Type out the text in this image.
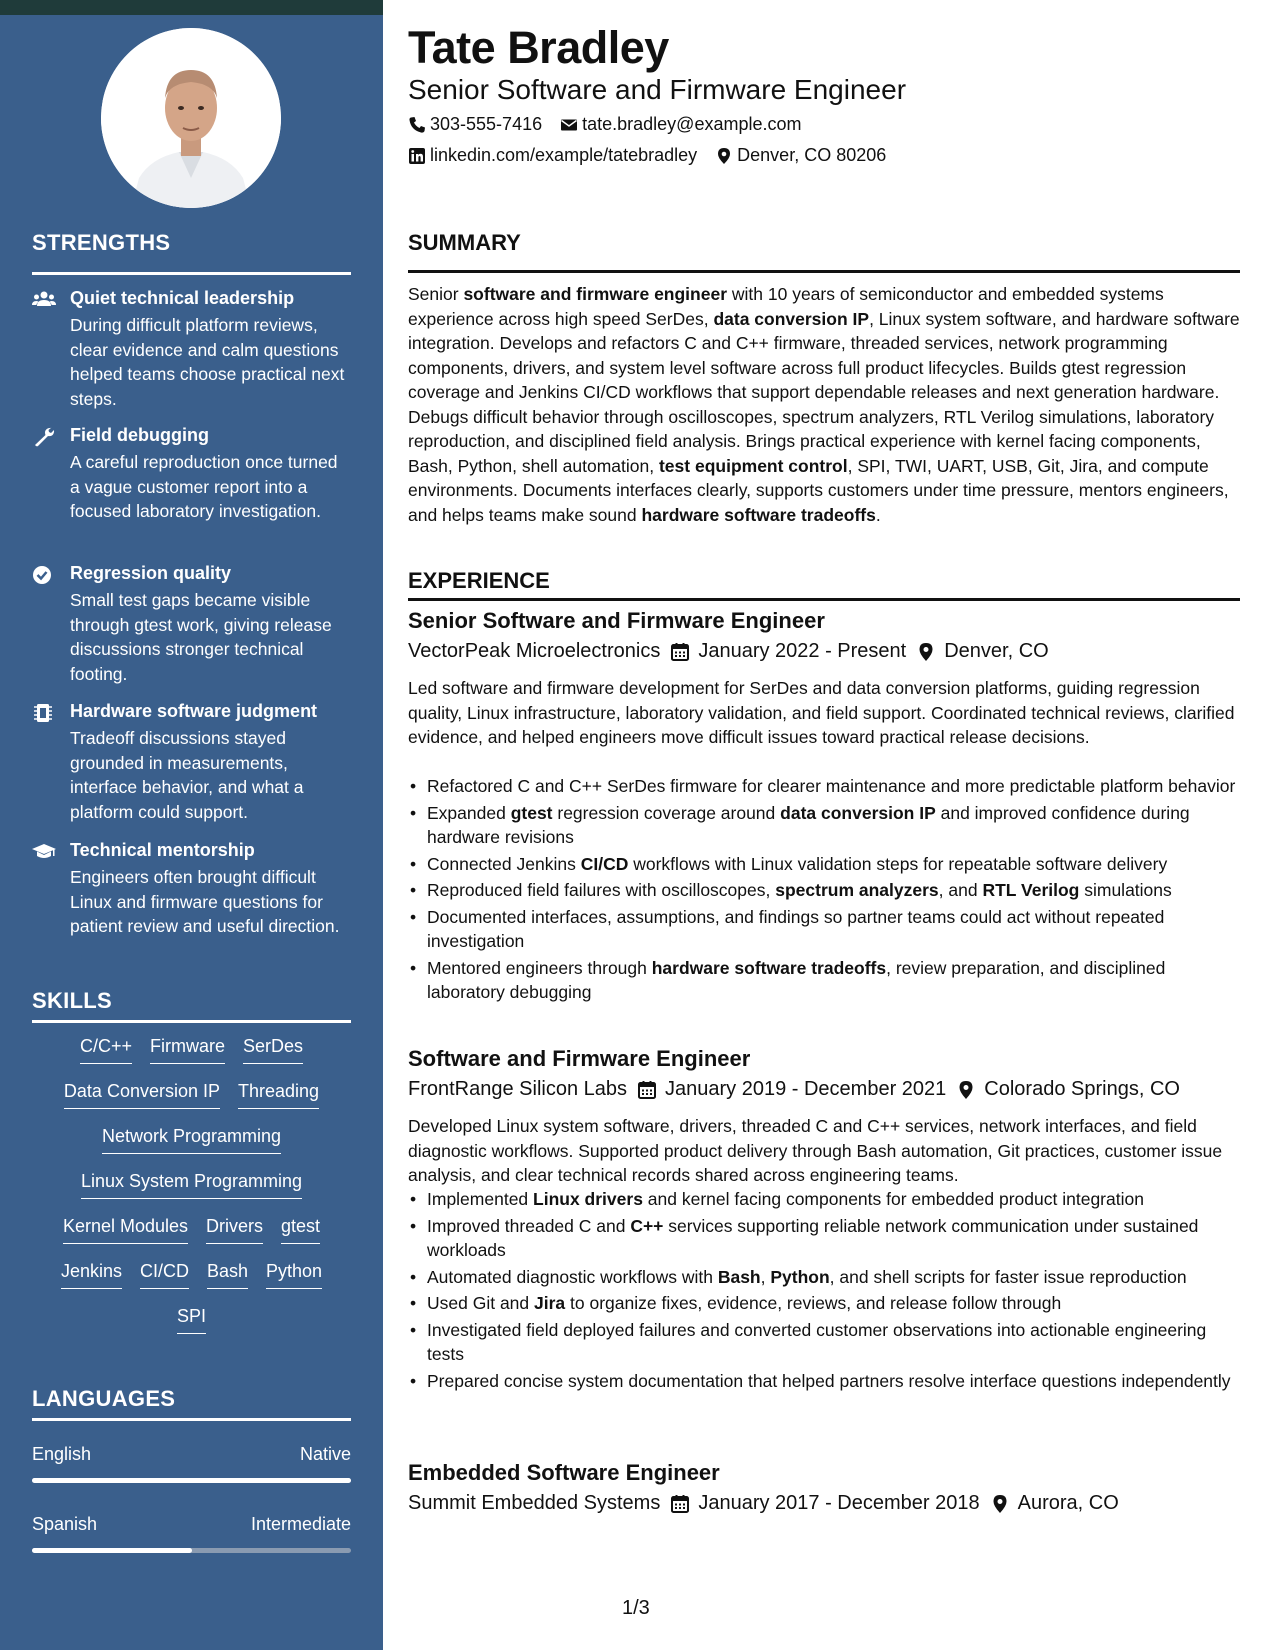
STRENGTHS
Quiet technical leadership
During difficult platform reviews, clear evidence and calm questions helped teams choose practical next steps.
Field debugging
A careful reproduction once turned a vague customer report into a focused laboratory investigation.
Regression quality
Small test gaps became visible through gtest work, giving release discussions stronger technical footing.
Hardware software judgment
Tradeoff discussions stayed grounded in measurements, interface behavior, and what a platform could support.
Technical mentorship
Engineers often brought difficult Linux and firmware questions for patient review and useful direction.
SKILLS
C/C++ Firmware SerDes
Data Conversion IP Threading
Network Programming
Linux System Programming
Kernel Modules Drivers gtest
Jenkins CI/CD Bash Python
SPI
LANGUAGES
English	Native
Spanish	Intermediate
Tate Bradley
Senior Software and Firmware Engineer
303-555-7416 tate.bradley@example.com
linkedin.com/example/tatebradley Denver, CO 80206
SUMMARY
Senior software and firmware engineer with 10 years of semiconductor and embedded systems experience across high speed SerDes, data conversion IP, Linux system software, and hardware software integration. Develops and refactors C and C++ firmware, threaded services, network programming components, drivers, and system level software across full product lifecycles. Builds gtest regression coverage and Jenkins CI/CD workflows that support dependable releases and next generation hardware. Debugs difficult behavior through oscilloscopes, spectrum analyzers, RTL Verilog simulations, laboratory reproduction, and disciplined field analysis. Brings practical experience with kernel facing components, Bash, Python, shell automation, test equipment control, SPI, TWI, UART, USB, Git, Jira, and compute environments. Documents interfaces clearly, supports customers under time pressure, mentors engineers, and helps teams make sound hardware software tradeoffs.
EXPERIENCE
Senior Software and Firmware Engineer
VectorPeak Microelectronics January 2022 - Present Denver, CO
Led software and firmware development for SerDes and data conversion platforms, guiding regression quality, Linux infrastructure, laboratory validation, and field support. Coordinated technical reviews, clarified evidence, and helped engineers move difficult issues toward practical release decisions.
• Refactored C and C++ SerDes firmware for clearer maintenance and more predictable platform behavior
• Expanded gtest regression coverage around data conversion IP and improved confidence during hardware revisions
• Connected Jenkins CI/CD workflows with Linux validation steps for repeatable software delivery
• Reproduced field failures with oscilloscopes, spectrum analyzers, and RTL Verilog simulations
• Documented interfaces, assumptions, and findings so partner teams could act without repeated investigation
• Mentored engineers through hardware software tradeoffs, review preparation, and disciplined laboratory debugging
Software and Firmware Engineer
FrontRange Silicon Labs January 2019 - December 2021 Colorado Springs, CO
Developed Linux system software, drivers, threaded C and C++ services, network interfaces, and field diagnostic workflows. Supported product delivery through Bash automation, Git practices, customer issue analysis, and clear technical records shared across engineering teams.
• Implemented Linux drivers and kernel facing components for embedded product integration
• Improved threaded C and C++ services supporting reliable network communication under sustained workloads
• Automated diagnostic workflows with Bash, Python, and shell scripts for faster issue reproduction
• Used Git and Jira to organize fixes, evidence, reviews, and release follow through
• Investigated field deployed failures and converted customer observations into actionable engineering tests
• Prepared concise system documentation that helped partners resolve interface questions independently
Embedded Software Engineer
Summit Embedded Systems January 2017 - December 2018 Aurora, CO
1/3
